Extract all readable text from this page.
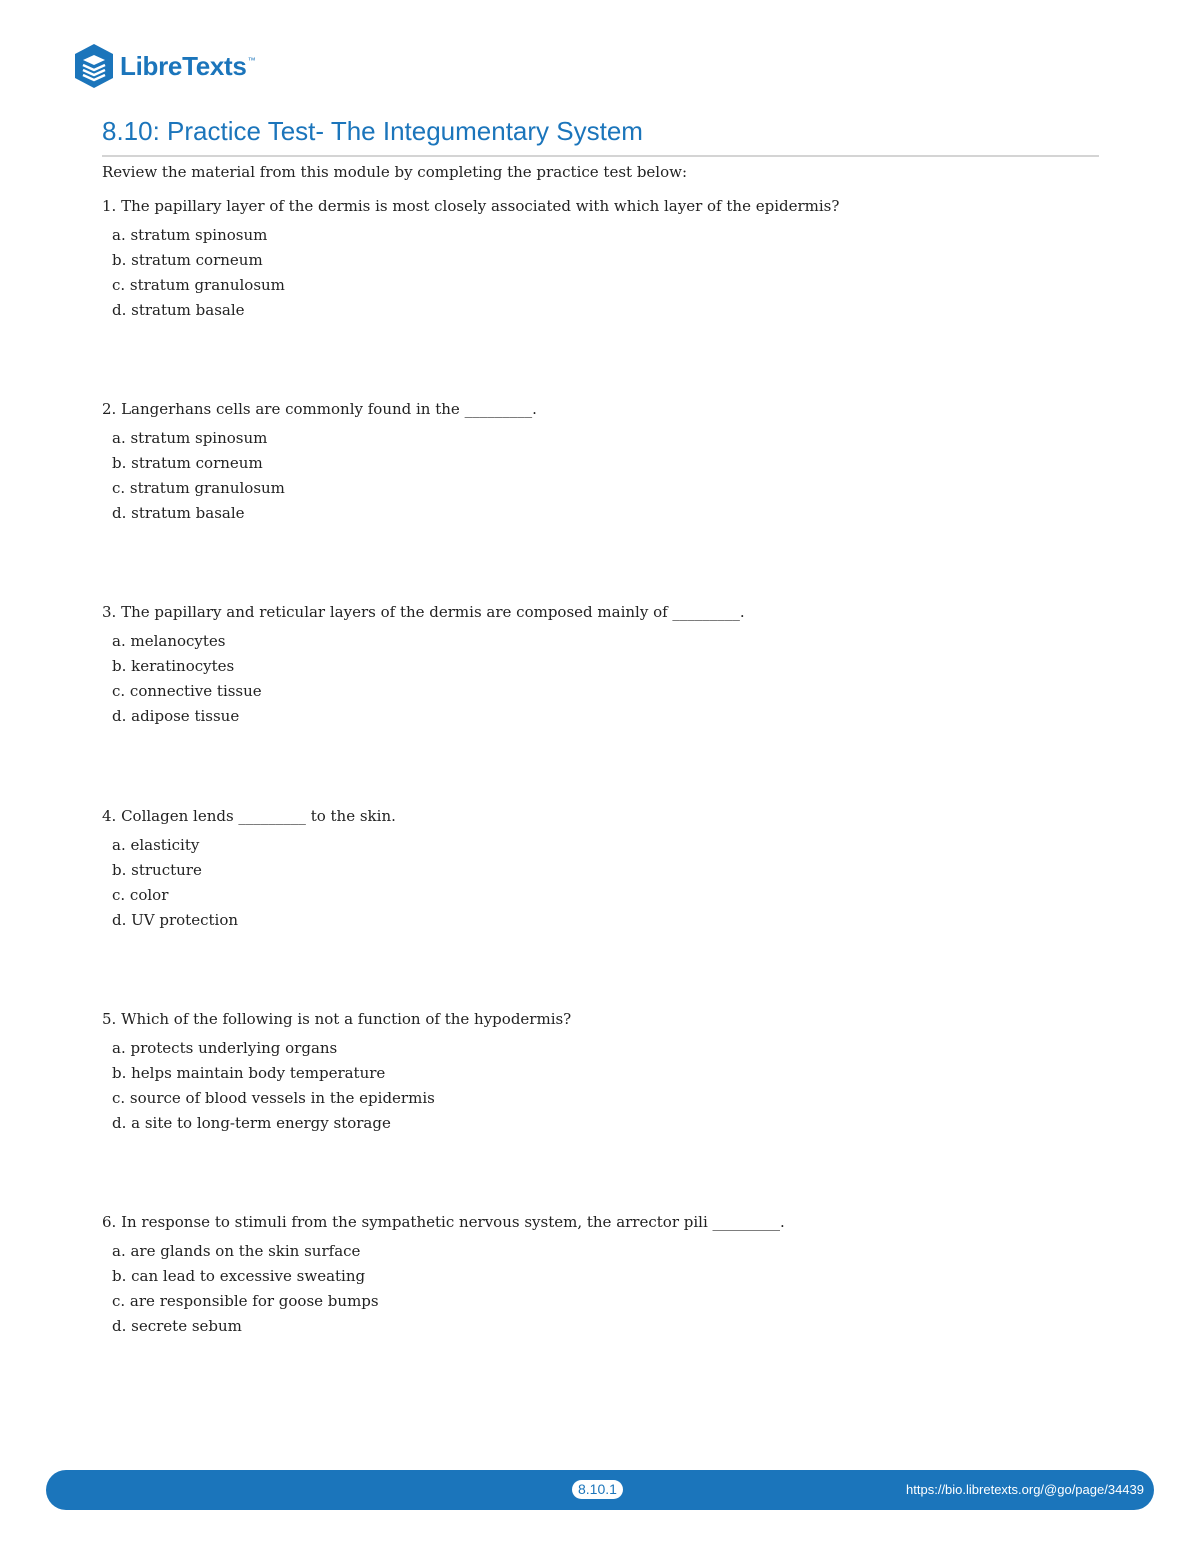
LibreTexts ™
8.10: Practice Test- The Integumentary System

Review the material from this module by completing the practice test below:

1. The papillary layer of the dermis is most closely associated with which layer of the epidermis?

a. stratum spinosum
b. stratum corneum
c. stratum granulosum
d. stratum basale

2. Langerhans cells are commonly found in the _________.

a. stratum spinosum
b. stratum corneum
c. stratum granulosum
d. stratum basale

3. The papillary and reticular layers of the dermis are composed mainly of _________.

a. melanocytes
b. keratinocytes
c. connective tissue
d. adipose tissue

4. Collagen lends _________ to the skin.

a. elasticity
b. structure
c. color
d. UV protection

5. Which of the following is not a function of the hypodermis?

a. protects underlying organs
b. helps maintain body temperature
c. source of blood vessels in the epidermis
d. a site to long-term energy storage

6. In response to stimuli from the sympathetic nervous system, the arrector pili _________.

a. are glands on the skin surface
b. can lead to excessive sweating
c. are responsible for goose bumps
d. secrete sebum
8.10.1	https://bio.libretexts.org/@go/page/34439
